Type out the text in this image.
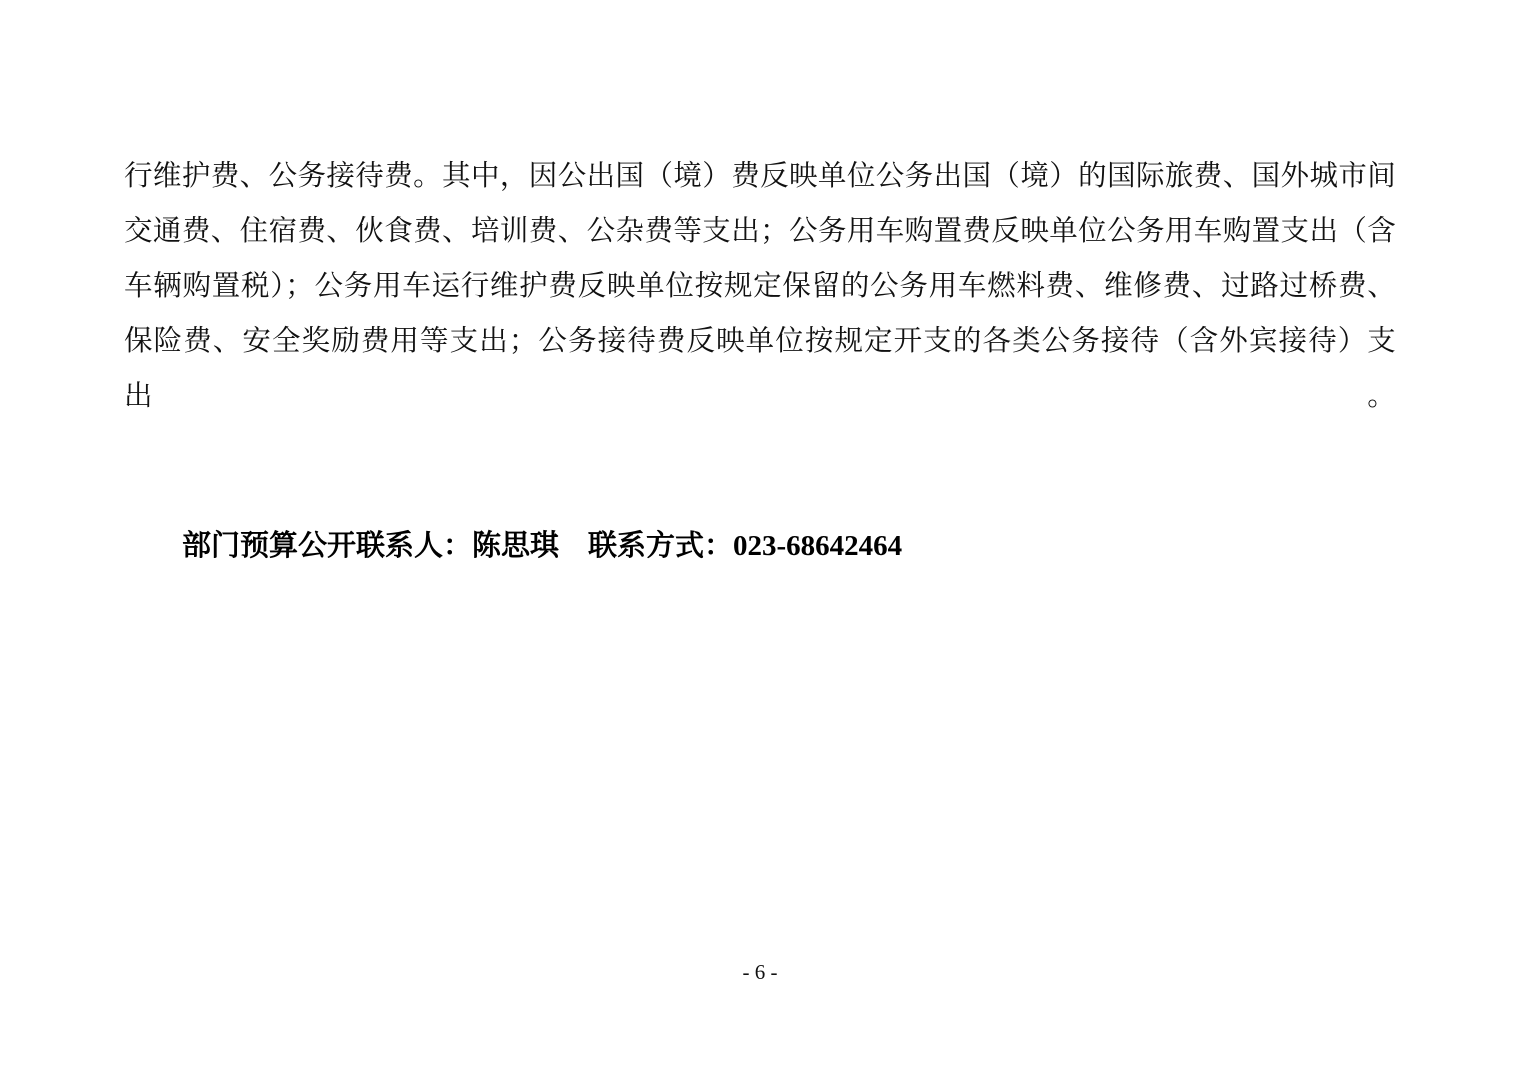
行维护费、公务接待费。其中，因公出国（境）费反映单位公务出国（境）的国际旅费、国外城市间交通费、住宿费、伙食费、培训费、公杂费等支出；公务用车购置费反映单位公务用车购置支出（含车辆购置税）；公务用车运行维护费反映单位按规定保留的公务用车燃料费、维修费、过路过桥费、保险费、安全奖励费用等支出；公务接待费反映单位按规定开支的各类公务接待（含外宾接待）支出。

部门预算公开联系人：陈思琪　联系方式：023-68642464
- 6 -
